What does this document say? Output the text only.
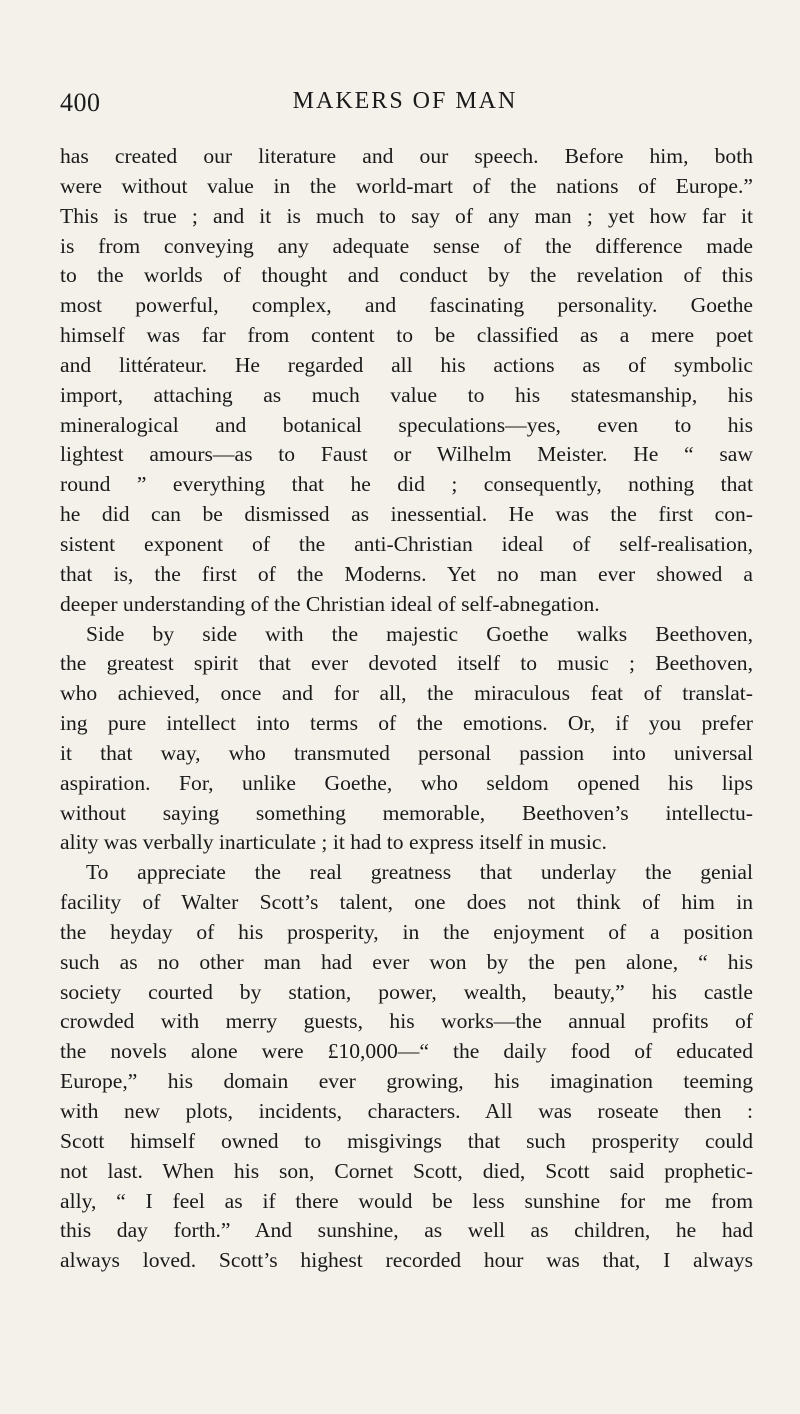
400	MAKERS OF MAN
has created our literature and our speech. Before him, both
were without value in the world-mart of the nations of Europe.”
This is true ; and it is much to say of any man ; yet how far it
is from conveying any adequate sense of the difference made
to the worlds of thought and conduct by the revelation of this
most powerful, complex, and fascinating personality. Goethe
himself was far from content to be classified as a mere poet
and littérateur. He regarded all his actions as of symbolic
import, attaching as much value to his statesmanship, his
mineralogical and botanical speculations—yes, even to his
lightest amours—as to Faust or Wilhelm Meister. He “ saw
round ” everything that he did ; consequently, nothing that
he did can be dismissed as inessential. He was the first con-
sistent exponent of the anti-Christian ideal of self-realisation,
that is, the first of the Moderns. Yet no man ever showed a
deeper understanding of the Christian ideal of self-abnegation.
Side by side with the majestic Goethe walks Beethoven,
the greatest spirit that ever devoted itself to music ; Beethoven,
who achieved, once and for all, the miraculous feat of translat-
ing pure intellect into terms of the emotions. Or, if you prefer
it that way, who transmuted personal passion into universal
aspiration. For, unlike Goethe, who seldom opened his lips
without saying something memorable, Beethoven’s intellectu-
ality was verbally inarticulate ; it had to express itself in music.
To appreciate the real greatness that underlay the genial
facility of Walter Scott’s talent, one does not think of him in
the heyday of his prosperity, in the enjoyment of a position
such as no other man had ever won by the pen alone, “ his
society courted by station, power, wealth, beauty,” his castle
crowded with merry guests, his works—the annual profits of
the novels alone were £10,000—“ the daily food of educated
Europe,” his domain ever growing, his imagination teeming
with new plots, incidents, characters. All was roseate then :
Scott himself owned to misgivings that such prosperity could
not last. When his son, Cornet Scott, died, Scott said prophetic-
ally, “ I feel as if there would be less sunshine for me from
this day forth.” And sunshine, as well as children, he had
always loved. Scott’s highest recorded hour was that, I always
